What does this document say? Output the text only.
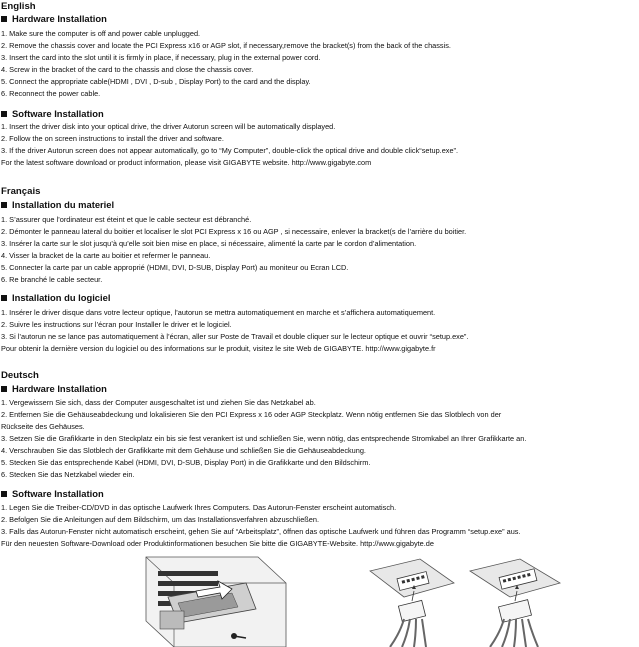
English
Hardware Installation
1. Make sure the computer is off and power cable unplugged.
2. Remove the chassis cover and locate the PCI Express x16 or AGP slot, if necessary,remove the bracket(s) from the back of the chassis.
3. Insert the card into the slot until it is firmly in place, if necessary, plug in the external power cord.
4. Screw in the bracket of the card to the chassis and close the chassis cover.
5. Connect the appropriate cable(HDMI , DVI , D-sub , Display Port) to the card and the display.
6. Reconnect the power cable.
Software Installation
1. Insert the driver disk into your optical drive, the driver Autorun screen will be automatically displayed.
2. Follow the on screen instructions to install the driver and software.
3. If the driver Autorun screen does not appear automatically, go to “My Computer”, double-click the optical drive and double click“setup.exe”.
For the latest software download or product information, please visit GIGABYTE website. http://www.gigabyte.com
Français
Installation du materiel
1. S’assurer que l’ordinateur est éteint et que le cable secteur est débranché.
2. Démonter le panneau lateral du boitier et localiser le slot PCI Express x 16 ou AGP , si necessaire, enlever la bracket(s de l’arrière du boitier.
3. Insérer la carte sur le slot jusqu’à qu’elle soit bien mise en place, si nécessaire, alimenté la carte par le cordon d’alimentation.
4. Visser la bracket de la carte au boitier et refermer le panneau.
5. Connecter la carte par un cable approprié (HDMI, DVI, D-SUB, Display Port) au moniteur ou Ecran LCD.
6. Re branché le cable secteur.
Installation du logiciel
1. Insérer le driver disque dans votre lecteur optique, l’autorun se mettra automatiquement en marche et s’affichera automatiquement.
2. Suivre les instructions sur l’écran pour Installer le driver et le logiciel.
3. Si l’autorun ne se lance pas automatiquement à l’écran, aller sur Poste de Travail et double cliquer sur le lecteur optique et ouvrir “setup.exe”.
Pour obtenir la dernière version du logiciel ou des informations sur le produit, visitez le site Web de GIGABYTE. http://www.gigabyte.fr
Deutsch
Hardware Installation
1. Vergewissern Sie sich, dass der Computer ausgeschaltet ist und ziehen Sie das Netzkabel ab.
2. Entfernen Sie die Gehäuseabdeckung und lokalisieren Sie den PCI Express x 16 oder AGP Steckplatz. Wenn nötig entfernen Sie das Slotblech von der
Rückseite des Gehäuses.
3. Setzen Sie die Grafikkarte in den Steckplatz ein bis sie fest verankert ist und schließen Sie, wenn nötig, das entsprechende Stromkabel an Ihrer Grafikkarte an.
4. Verschrauben Sie das Slotblech der Grafikkarte mit dem Gehäuse und schließen Sie die Gehäuseabdeckung.
5. Stecken Sie das entsprechende Kabel (HDMI, DVI, D-SUB, Display Port) in die Grafikkarte und den Bildschirm.
6. Stecken Sie das Netzkabel wieder ein.
Software Installation
1. Legen Sie die Treiber-CD/DVD in das optische Laufwerk Ihres Computers. Das Autorun-Fenster erscheint automatisch.
2. Befolgen Sie die Anleitungen auf dem Bildschirm, um das Installationsverfahren abzuschließen.
3. Falls das Autorun-Fenster nicht automatisch erscheint, gehen Sie auf “Arbeitsplatz”, öffnen das optische Laufwerk und führen das Programm “setup.exe” aus.
Für den neuesten Software-Download oder Produktinformationen besuchen Sie bitte die GIGABYTE-Website. http://www.gigabyte.de
